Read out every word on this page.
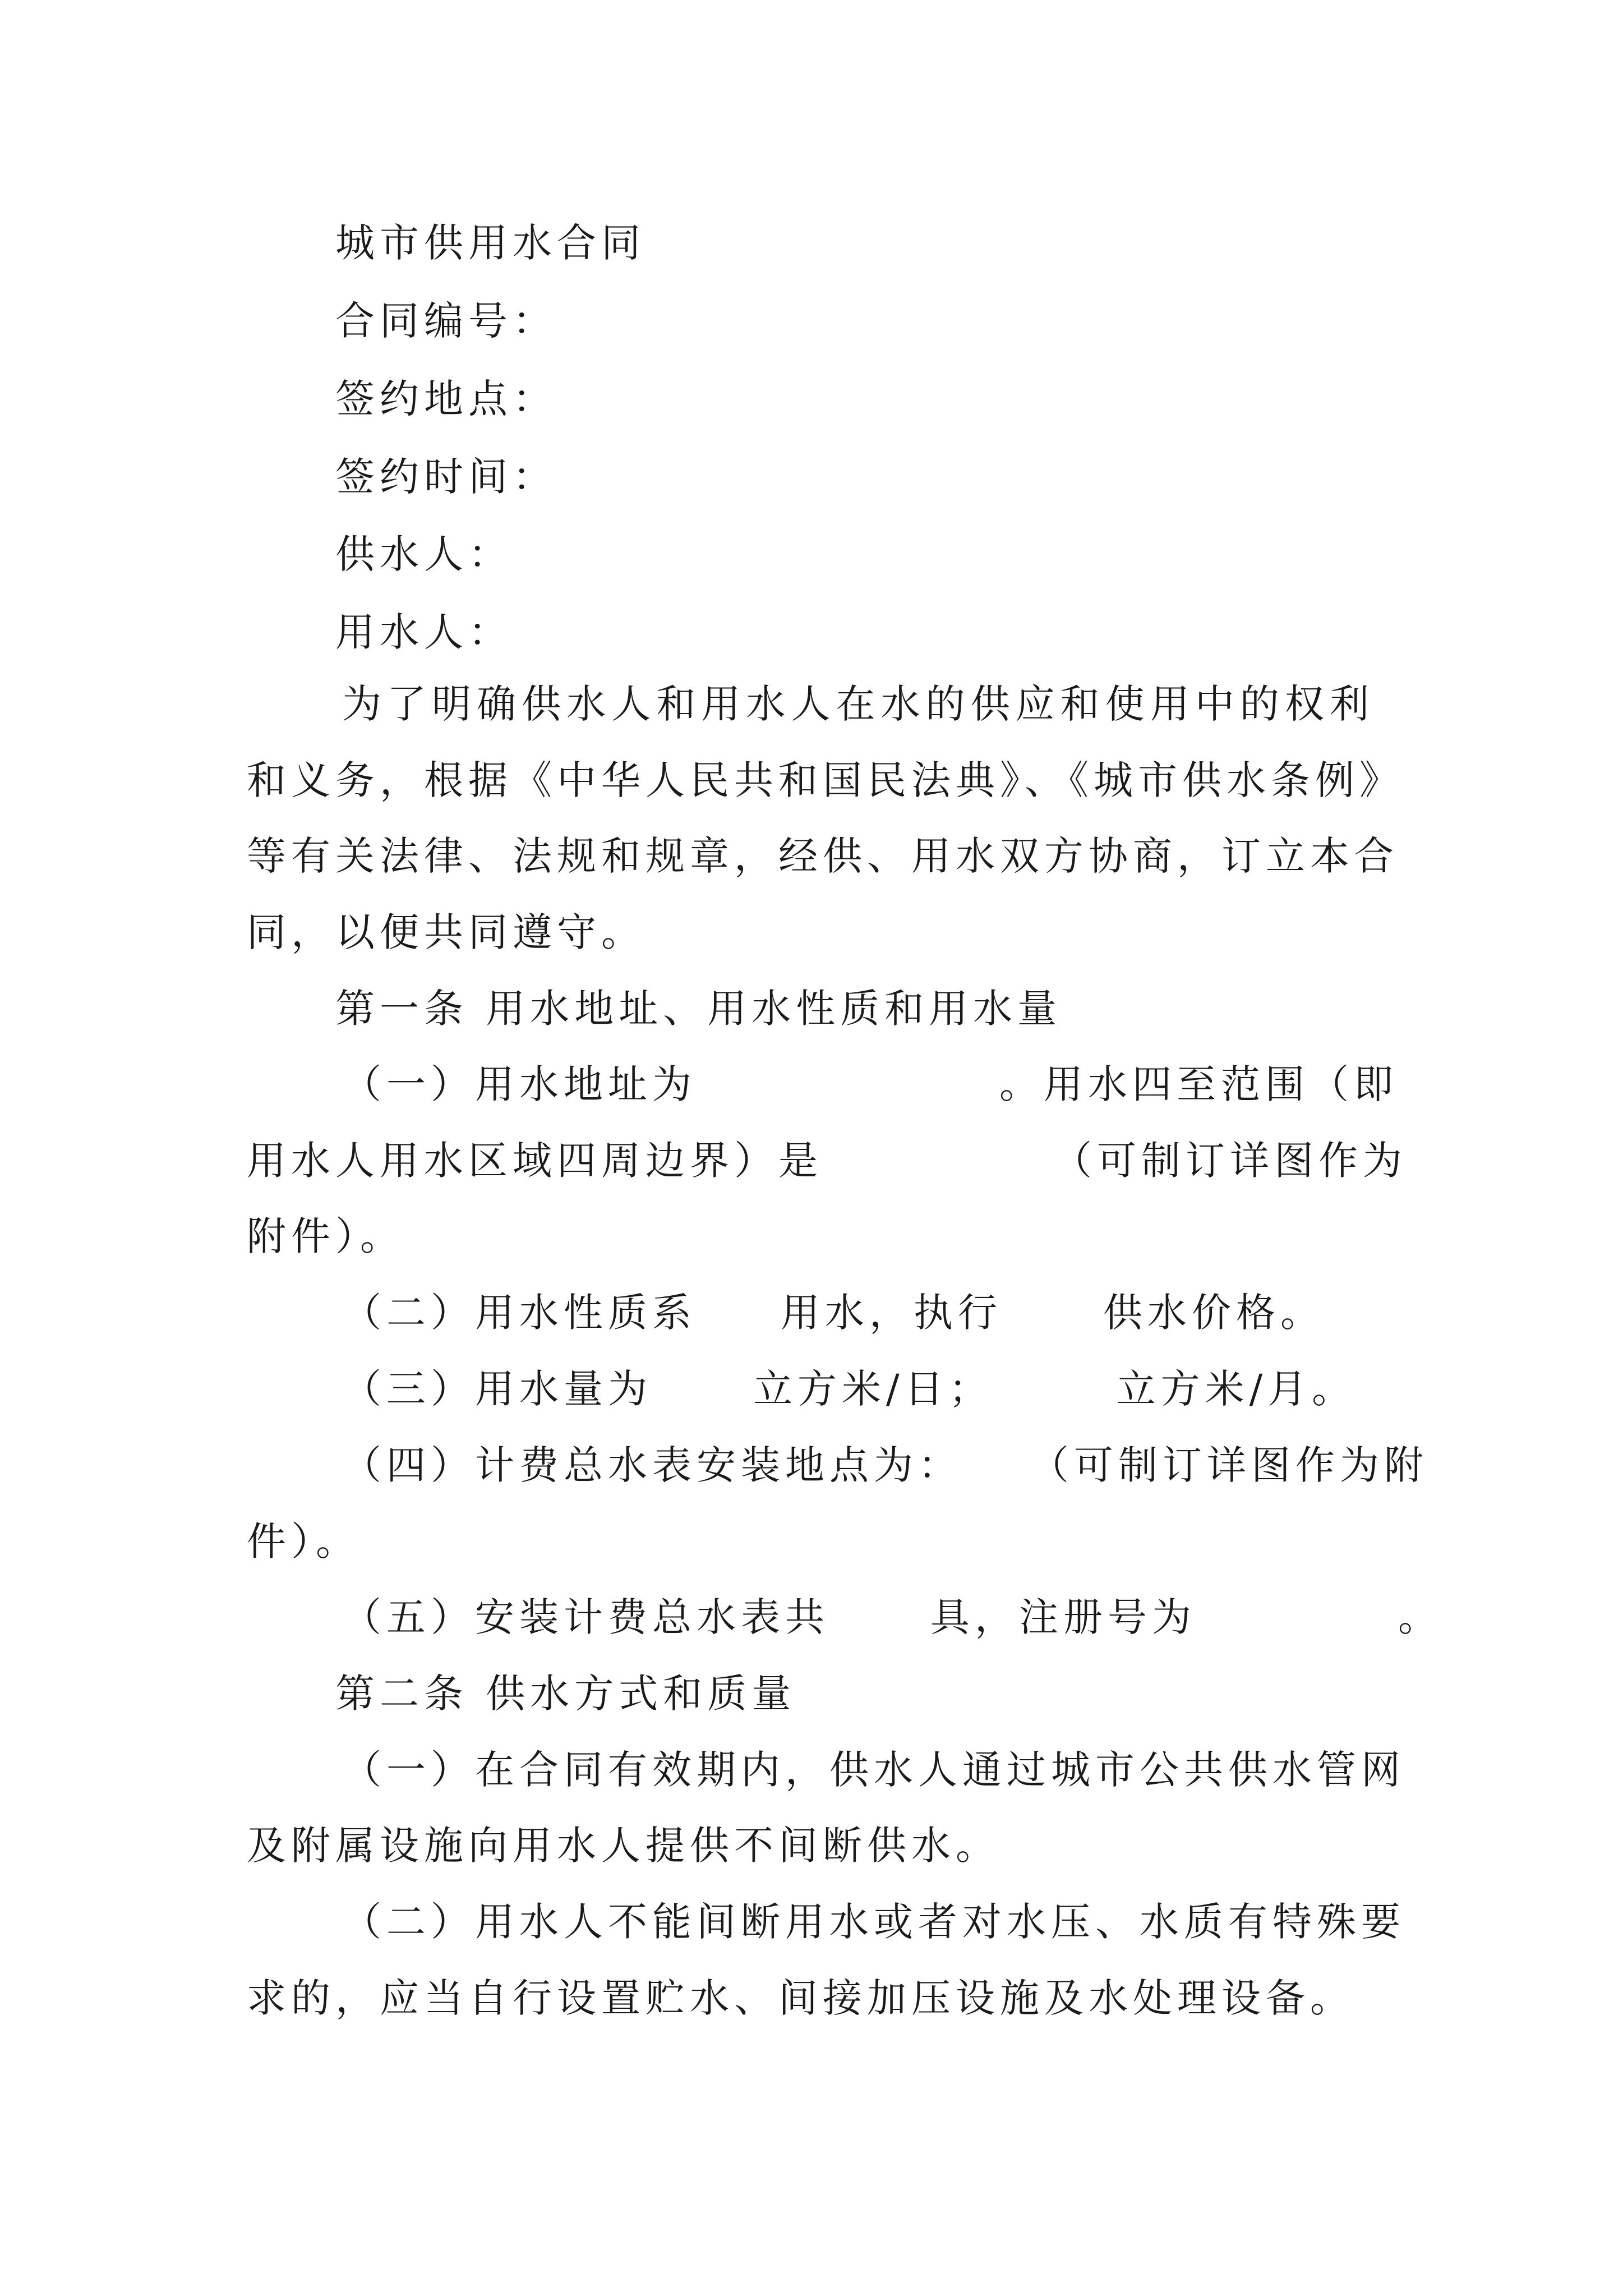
城市供用水合同

合同编号：

签约地点：

签约时间：

供水人：

用水人：

为了明确供水人和用水人在水的供应和使用中的权利

和义务，根据《中华人民共和国民法典》、《城市供水条例》

等有关法律、法规和规章，经供、用水双方协商，订立本合

同，以便共同遵守。

第一条 用水地址、用水性质和用水量

（一）用水地址为	。用水四至范围（即

用水人用水区域四周边界）是	（可制订详图作为

附件）。

（二）用水性质系 用水，执行	供水价格。

（三）用水量为	立方米/日；	立方米/月。

（四）计费总水表安装地点为： （可制订详图作为附

件）。

（五）安装计费总水表共	具，注册号为	。

第二条 供水方式和质量

（一）在合同有效期内，供水人通过城市公共供水管网

及附属设施向用水人提供不间断供水。

（二）用水人不能间断用水或者对水压、水质有特殊要

求的，应当自行设置贮水、间接加压设施及水处理设备。
